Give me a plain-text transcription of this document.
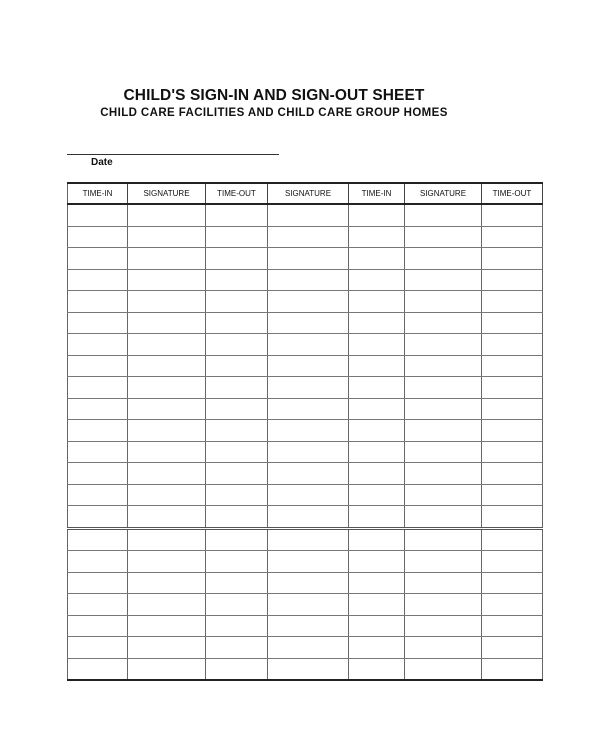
CHILD'S SIGN-IN AND SIGN-OUT SHEET
CHILD CARE FACILITIES AND CHILD CARE GROUP HOMES
Date
TIME-IN	SIGNATURE	TIME-OUT	SIGNATURE	TIME-IN	SIGNATURE	TIME-OUT
